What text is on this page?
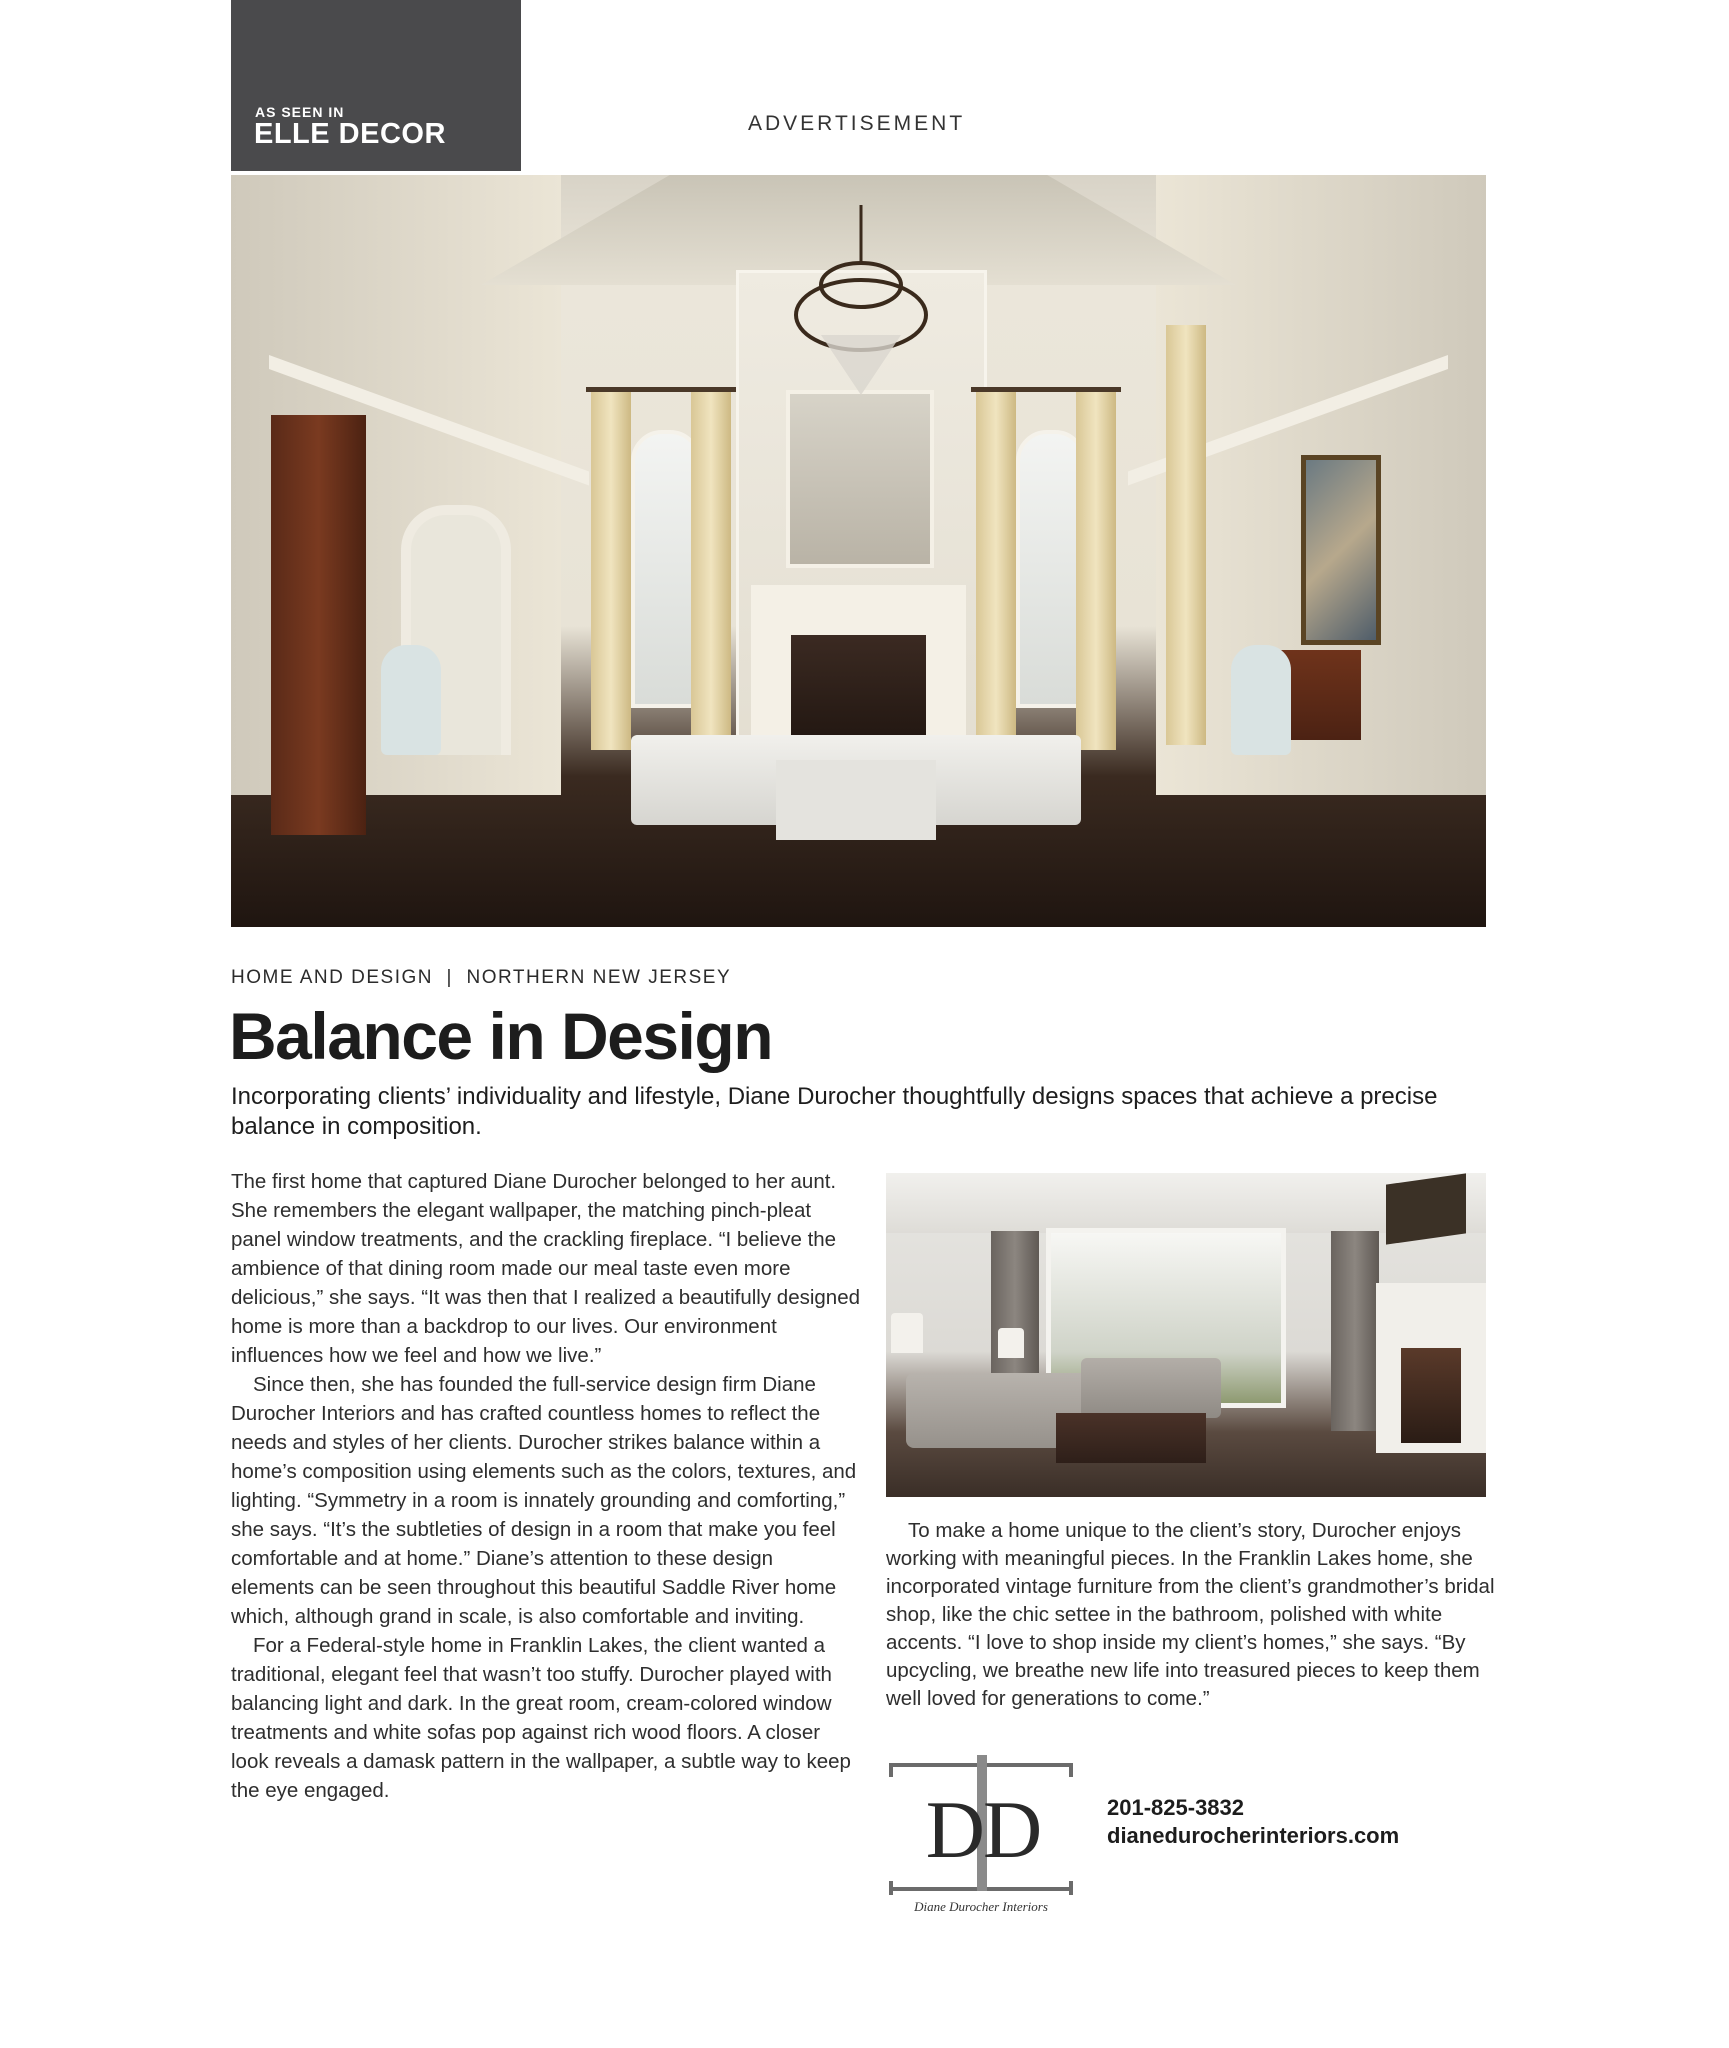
AS SEEN IN
ELLE DECOR	ADVERTISEMENT
HOME AND DESIGN  |  NORTHERN NEW JERSEY
Balance in Design
Incorporating clients’ individuality and lifestyle, Diane Durocher thoughtfully designs spaces that achieve a precise balance in composition.

The first home that captured Diane Durocher belonged to her aunt. She remembers the elegant wallpaper, the matching pinch-pleat panel window treatments, and the crackling fireplace. “I believe the ambience of that dining room made our meal taste even more delicious,” she says. “It was then that I realized a beautifully designed home is more than a backdrop to our lives. Our environment influences how we feel and how we live.”

Since then, she has founded the full-service design firm Diane Durocher Interiors and has crafted countless homes to reflect the needs and styles of her clients. Durocher strikes balance within a home’s composition using elements such as the colors, textures, and lighting. “Symmetry in a room is innately grounding and comforting,” she says. “It’s the subtleties of design in a room that make you feel comfortable and at home.” Diane’s attention to these design elements can be seen throughout this beautiful Saddle River home which, although grand in scale, is also comfortable and inviting.

For a Federal-style home in Franklin Lakes, the client wanted a traditional, elegant feel that wasn’t too stuffy. Durocher played with balancing light and dark. In the great room, cream-colored window treatments and white sofas pop against rich wood floors. A closer look reveals a damask pattern in the wallpaper, a subtle way to keep the eye engaged.

To make a home unique to the client’s story, Durocher enjoys working with meaningful pieces. In the Franklin Lakes home, she incorporated vintage furniture from the client’s grandmother’s bridal shop, like the chic settee in the bathroom, polished with white accents. “I love to shop inside my client’s homes,” she says. “By upcycling, we breathe new life into treasured pieces to keep them well loved for generations to come.”

DD
Diane Durocher Interiors
201-825-3832
dianedurocherinteriors.com
